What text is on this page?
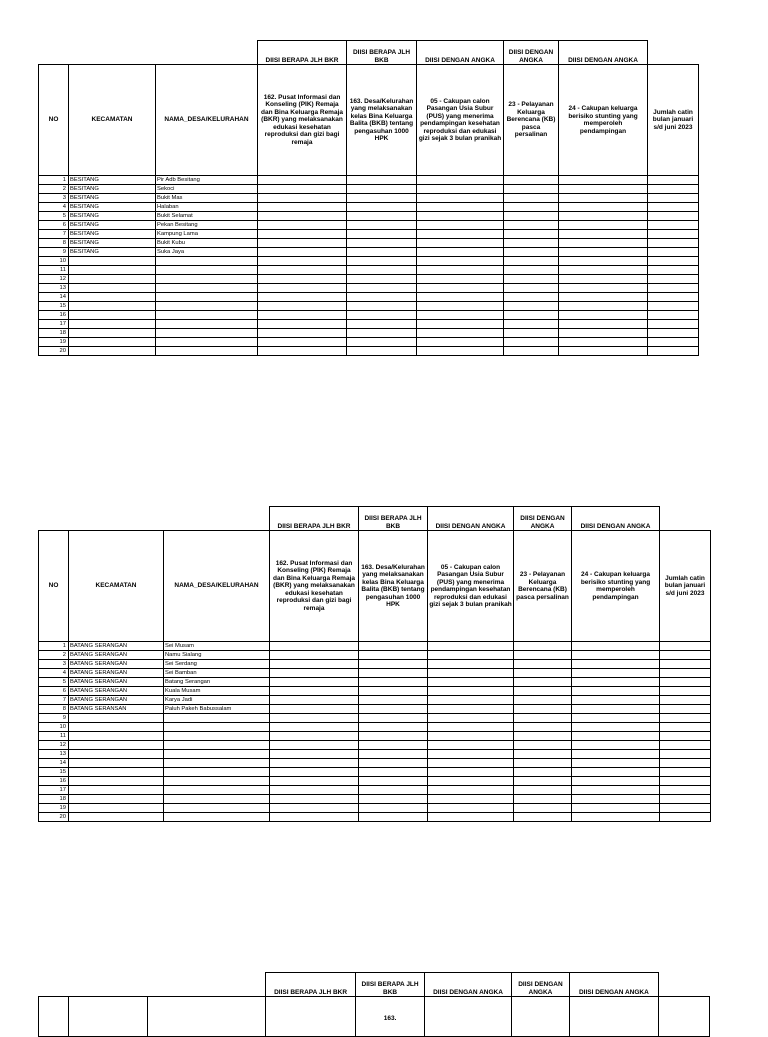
			DIISI BERAPA JLH BKR	DIISI BERAPA JLH BKB	DIISI DENGAN ANGKA	DIISI DENGAN ANGKA	DIISI DENGAN ANGKA	
NO	KECAMATAN	NAMA_DESA/KELURAHAN	162. Pusat Informasi dan Konseling (PIK) Remaja dan Bina Keluarga Remaja (BKR) yang melaksanakan edukasi kesehatan reproduksi dan gizi bagi remaja	163. Desa/Kelurahan yang melaksanakan kelas Bina Keluarga Balita (BKB) tentang pengasuhan 1000 HPK	05 - Cakupan calon Pasangan Usia Subur (PUS) yang menerima pendampingan kesehatan reproduksi dan edukasi gizi sejak 3 bulan pranikah	23 - Pelayanan Keluarga Berencana (KB) pasca persalinan	24 - Cakupan keluarga berisiko stunting yang memperoleh pendampingan	Jumlah catin bulan januari s/d juni 2023
1	BESITANG	Pir Adb Besitang						
2	BESITANG	Sekoci						
3	BESITANG	Bukit Mas						
4	BESITANG	Halaban						
5	BESITANG	Bukit Selamat						
6	BESITANG	Pekan Besitang						
7	BESITANG	Kampung Lama						
8	BESITANG	Bukit Kubu						
9	BESITANG	Suka Jaya						
10								
11								
12								
13								
14								
15								
16								
17								
18								
19								
20								
			DIISI BERAPA JLH BKR	DIISI BERAPA JLH BKB	DIISI DENGAN ANGKA	DIISI DENGAN ANGKA	DIISI DENGAN ANGKA	
NO	KECAMATAN	NAMA_DESA/KELURAHAN	162. Pusat Informasi dan Konseling (PIK) Remaja dan Bina Keluarga Remaja (BKR) yang melaksanakan edukasi kesehatan reproduksi dan gizi bagi remaja	163. Desa/Kelurahan yang melaksanakan kelas Bina Keluarga Balita (BKB) tentang pengasuhan 1000 HPK	05 - Cakupan calon Pasangan Usia Subur (PUS) yang menerima pendampingan kesehatan reproduksi dan edukasi gizi sejak 3 bulan pranikah	23 - Pelayanan Keluarga Berencana (KB) pasca persalinan	24 - Cakupan keluarga berisiko stunting yang memperoleh pendampingan	Jumlah catin bulan januari s/d juni 2023
1	BATANG SERANGAN	Sei Musam						
2	BATANG SERANGAN	Namu Sialang						
3	BATANG SERANGAN	Sei Serdang						
4	BATANG SERANGAN	Sei Bamban						
5	BATANG SERANGAN	Batang Serangan						
6	BATANG SERANGAN	Kuala Musam						
7	BATANG SERANGAN	Karya Jadi						
8	BATANG SERANSAN	Paluh Pakeh Babussalam						
9								
10								
11								
12								
13								
14								
15								
16								
17								
18								
19								
20								
			DIISI BERAPA JLH BKR	DIISI BERAPA JLH BKB	DIISI DENGAN ANGKA	DIISI DENGAN ANGKA	DIISI DENGAN ANGKA	
				163.				
